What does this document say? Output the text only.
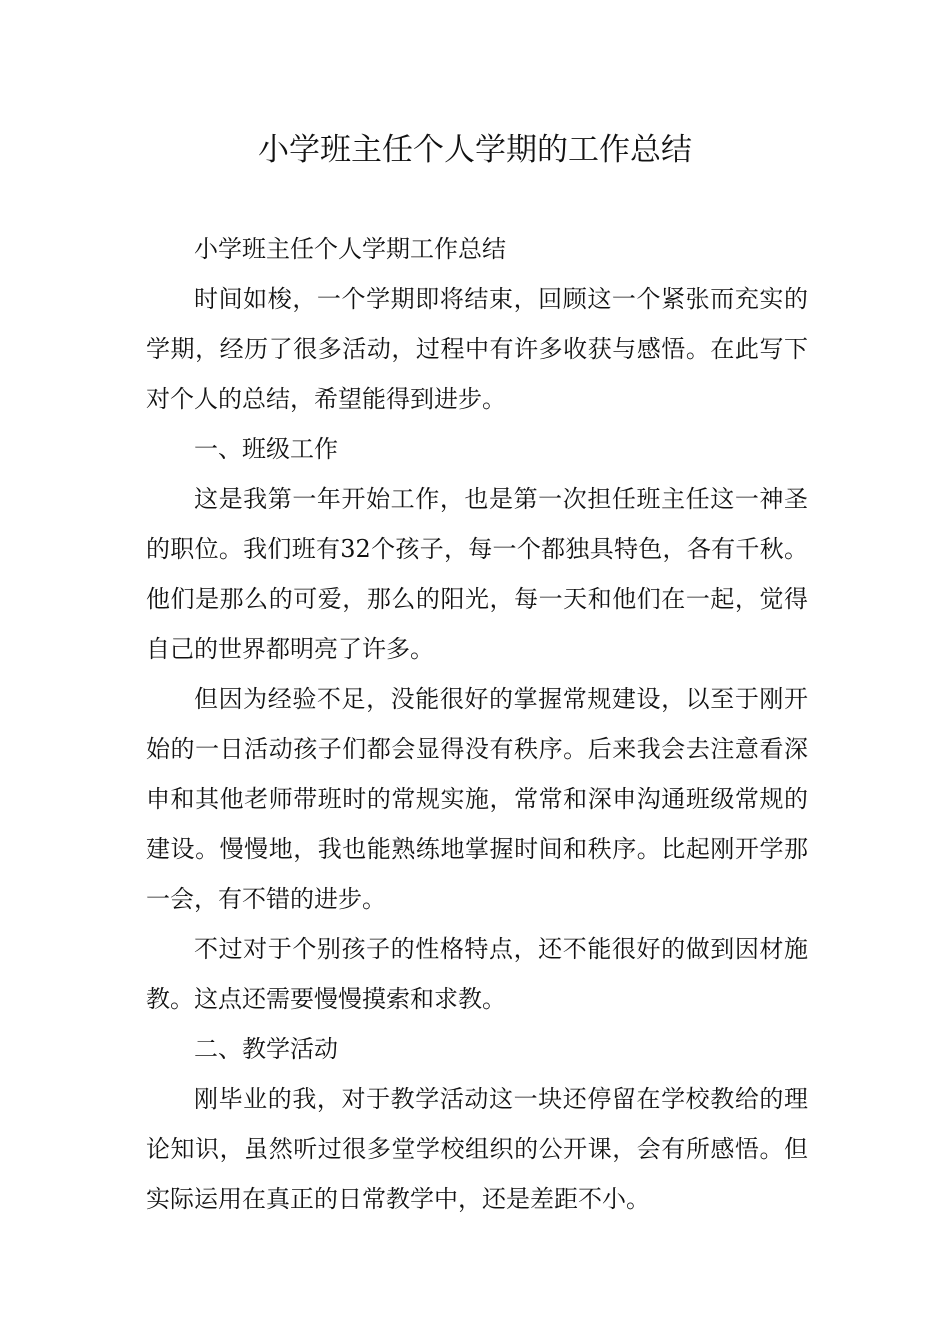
小学班主任个人学期的工作总结

小学班主任个人学期工作总结

时间如梭，一个学期即将结束，回顾这一个紧张而充实的学期，经历了很多活动，过程中有许多收获与感悟。在此写下对个人的总结，希望能得到进步。

一、班级工作

这是我第一年开始工作，也是第一次担任班主任这一神圣的职位。我们班有32个孩子，每一个都独具特色，各有千秋。他们是那么的可爱，那么的阳光，每一天和他们在一起，觉得自己的世界都明亮了许多。

但因为经验不足，没能很好的掌握常规建设，以至于刚开始的一日活动孩子们都会显得没有秩序。后来我会去注意看深申和其他老师带班时的常规实施，常常和深申沟通班级常规的建设。慢慢地，我也能熟练地掌握时间和秩序。比起刚开学那一会，有不错的进步。

不过对于个别孩子的性格特点，还不能很好的做到因材施教。这点还需要慢慢摸索和求教。

二、教学活动

刚毕业的我，对于教学活动这一块还停留在学校教给的理论知识，虽然听过很多堂学校组织的公开课，会有所感悟。但实际运用在真正的日常教学中，还是差距不小。
